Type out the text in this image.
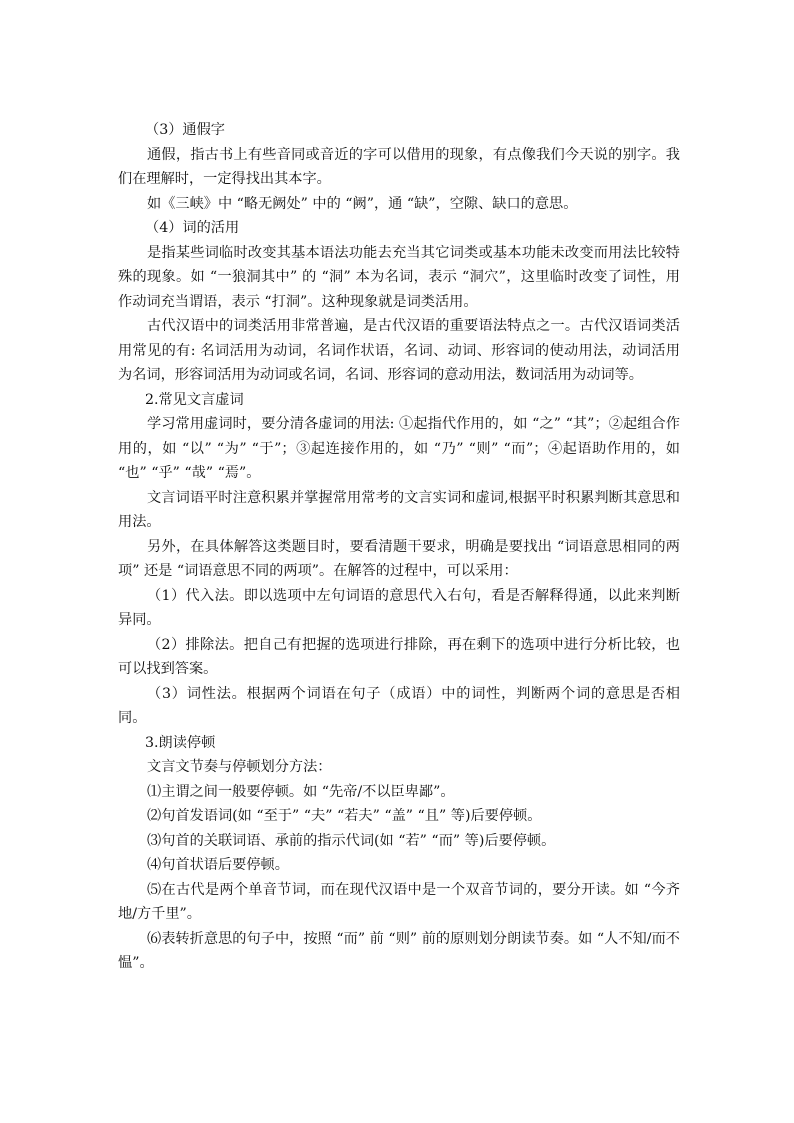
（3）通假字

通假，指古书上有些音同或音近的字可以借用的现象，有点像我们今天说的别字。我们在理解时，一定得找出其本字。

如《三峡》中 “略无阙处” 中的 “阙”，通 “缺”，空隙、缺口的意思。

（4）词的活用

是指某些词临时改变其基本语法功能去充当其它词类或基本功能未改变而用法比较特殊的现象。如 “一狼洞其中” 的 “洞” 本为名词，表示 “洞穴”，这里临时改变了词性，用作动词充当谓语，表示 “打洞”。这种现象就是词类活用。

古代汉语中的词类活用非常普遍，是古代汉语的重要语法特点之一。古代汉语词类活用常见的有: 名词活用为动词，名词作状语，名词、动词、形容词的使动用法，动词活用为名词，形容词活用为动词或名词，名词、形容词的意动用法，数词活用为动词等。

2.常见文言虚词

学习常用虚词时，要分清各虚词的用法: ①起指代作用的，如 “之” “其”；②起组合作用的，如 “以” “为” “于”；③起连接作用的，如 “乃” “则” “而”；④起语助作用的，如 “也” “乎” “哉” “焉”。

文言词语平时注意积累并掌握常用常考的文言实词和虚词,根据平时积累判断其意思和用法。

另外，在具体解答这类题目时，要看清题干要求，明确是要找出 “词语意思相同的两项” 还是 “词语意思不同的两项”。在解答的过程中，可以采用：

（1）代入法。即以选项中左句词语的意思代入右句，看是否解释得通，以此来判断异同。

（2）排除法。把自己有把握的选项进行排除，再在剩下的选项中进行分析比较，也可以找到答案。

（3）词性法。根据两个词语在句子（成语）中的词性，判断两个词的意思是否相同。

3.朗读停顿

文言文节奏与停顿划分方法：

⑴主谓之间一般要停顿。如 “先帝/不以臣卑鄙”。

⑵句首发语词(如 “至于” “夫” “若夫” “盖” “且” 等)后要停顿。

⑶句首的关联词语、承前的指示代词(如 “若” “而” 等)后要停顿。

⑷句首状语后要停顿。

⑸在古代是两个单音节词，而在现代汉语中是一个双音节词的，要分开读。如 “今齐地/方千里”。

⑹表转折意思的句子中，按照 “而” 前 “则” 前的原则划分朗读节奏。如 “人不知/而不愠”。
